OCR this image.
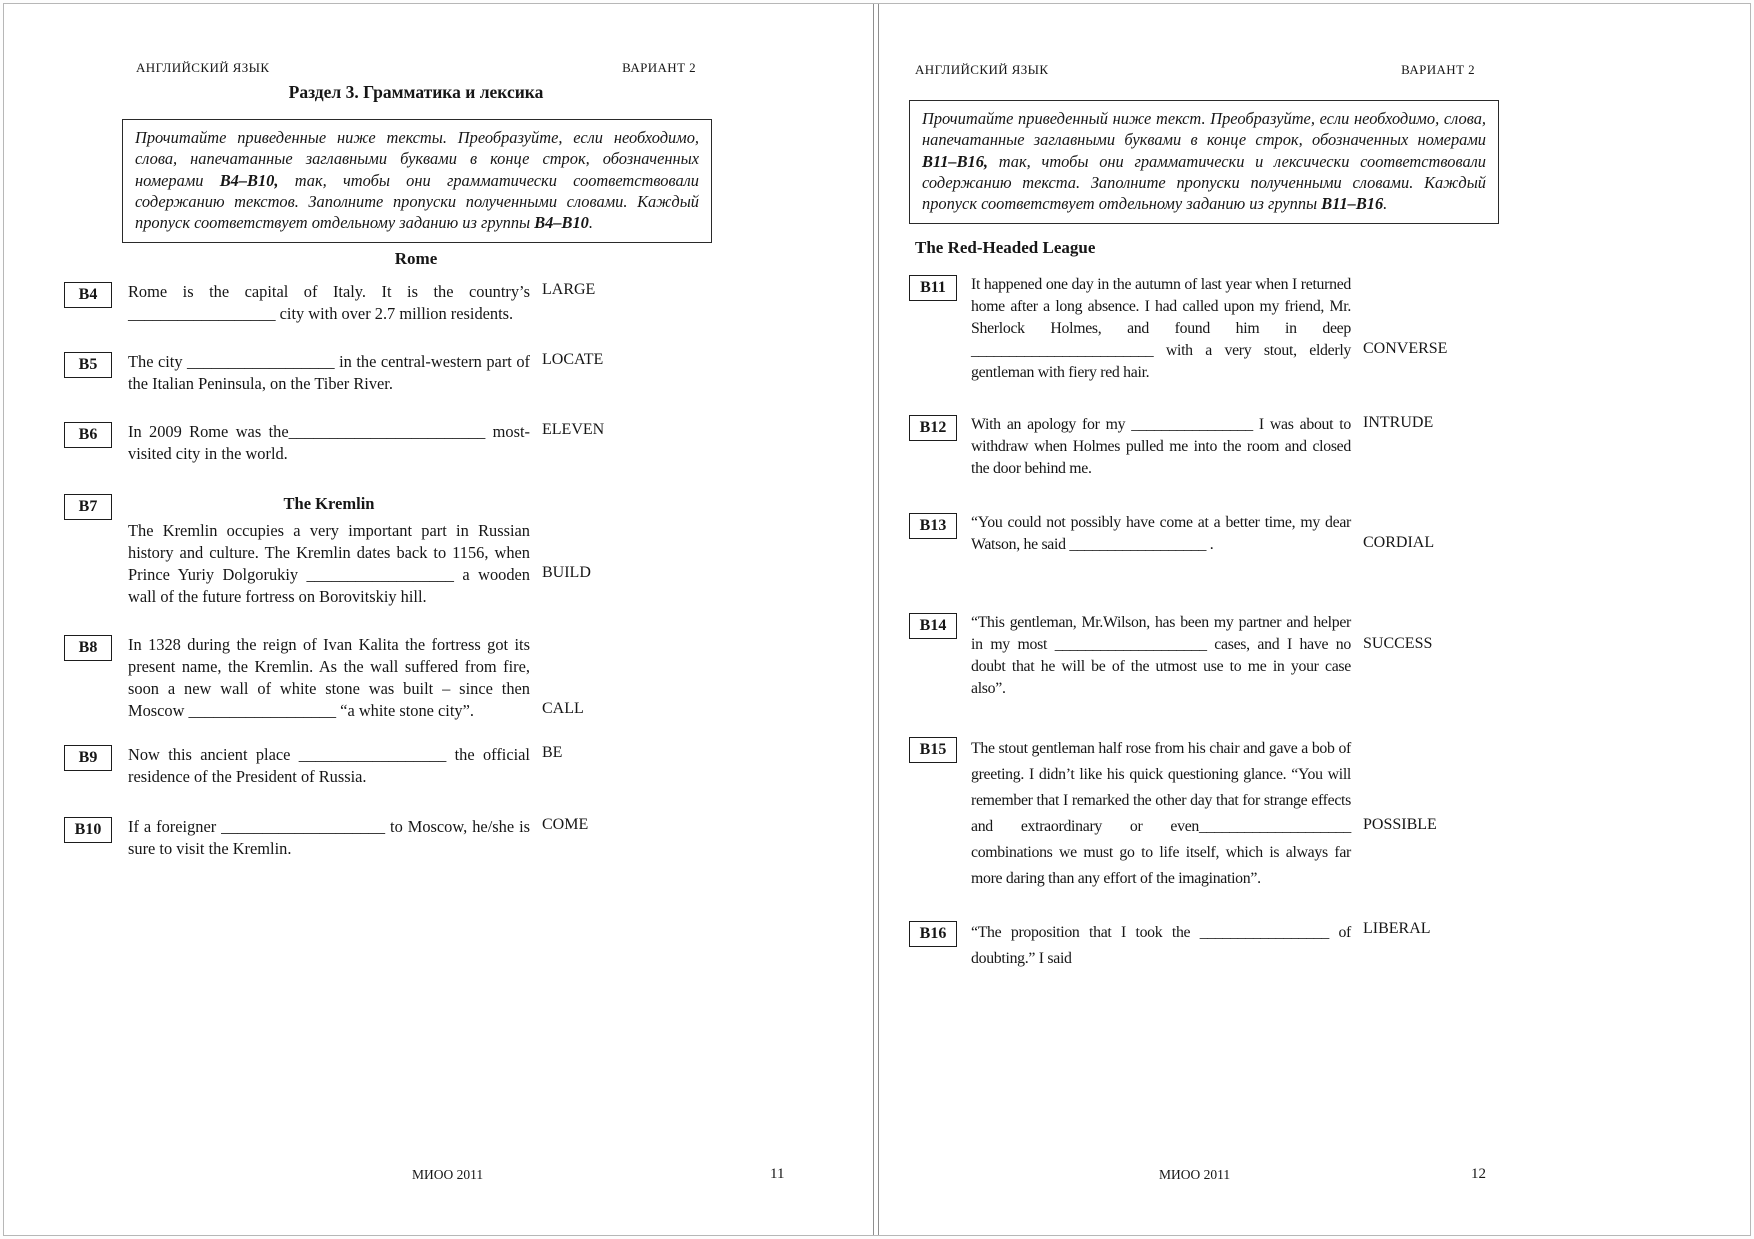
АНГЛИЙСКИЙ ЯЗЫК	ВАРИАНТ 2
Раздел 3. Грамматика и лексика
Прочитайте приведенные ниже тексты. Преобразуйте, если необходимо, слова, напечатанные заглавными буквами в конце строк, обозначенных номерами В4–В10, так, чтобы они грамматически соответствовали содержанию текстов. Заполните пропуски полученными словами. Каждый пропуск соответствует отдельному заданию из группы В4–В10.
Rome
B4	Rome is the capital of Italy. It is the country’s __________________ city with over 2.7 million residents.
LARGE
B5	The city __________________ in the central-western part of the Italian Peninsula, on the Tiber River.
LOCATE
B6	In 2009 Rome was the________________________ most-visited city in the world.
ELEVEN
B7	The Kremlin
The Kremlin occupies a very important part in Russian history and culture. The Kremlin dates back to 1156, when Prince Yuriy Dolgorukiy __________________ a wooden wall of the future fortress on Borovitskiy hill.
BUILD
B8	In 1328 during the reign of Ivan Kalita the fortress got its present name, the Kremlin. As the wall suffered from fire, soon a new wall of white stone was built – since then Moscow __________________ “a white stone city”.	CALL
B9	Now this ancient place __________________ the official residence of the President of Russia.
BE
B10	If a foreigner ____________________ to Moscow, he/she is sure to visit the Kremlin.
COME
МИОО 2011	11
АНГЛИЙСКИЙ ЯЗЫК	ВАРИАНТ 2
Прочитайте приведенный ниже текст. Преобразуйте, если необходимо, слова, напечатанные заглавными буквами в конце строк, обозначенных номерами В11–В16, так, чтобы они грамматически и лексически соответствовали содержанию текста. Заполните пропуски полученными словами. Каждый пропуск соответствует отдельному заданию из группы В11–В16.
The Red-Headed League
B11	It happened one day in the autumn of last year when I returned home after a long absence. I had called upon my friend, Mr. Sherlock Holmes, and found him in deep ________________________ with a very stout, elderly gentleman with fiery red hair.
CONVERSE
B12	With an apology for my ________________ I was about to withdraw when Holmes pulled me into the room and closed the door behind me.
INTRUDE
B13	“You could not possibly have come at a better time, my dear Watson, he said __________________ .	CORDIAL
B14	“This gentleman, Mr.Wilson, has been my partner and helper in my most ____________________ cases, and I have no doubt that he will be of the utmost use to me in your case also”.
SUCCESS
B15	The stout gentleman half rose from his chair and gave a bob of greeting. I didn’t like his quick questioning glance. “You will remember that I remarked the other day that for strange effects and extraordinary or even____________________ combinations we must go to life itself, which is always far more daring than any effort of the imagination”.
POSSIBLE
B16	“The proposition that I took the _________________ of doubting.” I said
LIBERAL
МИОО 2011	12
